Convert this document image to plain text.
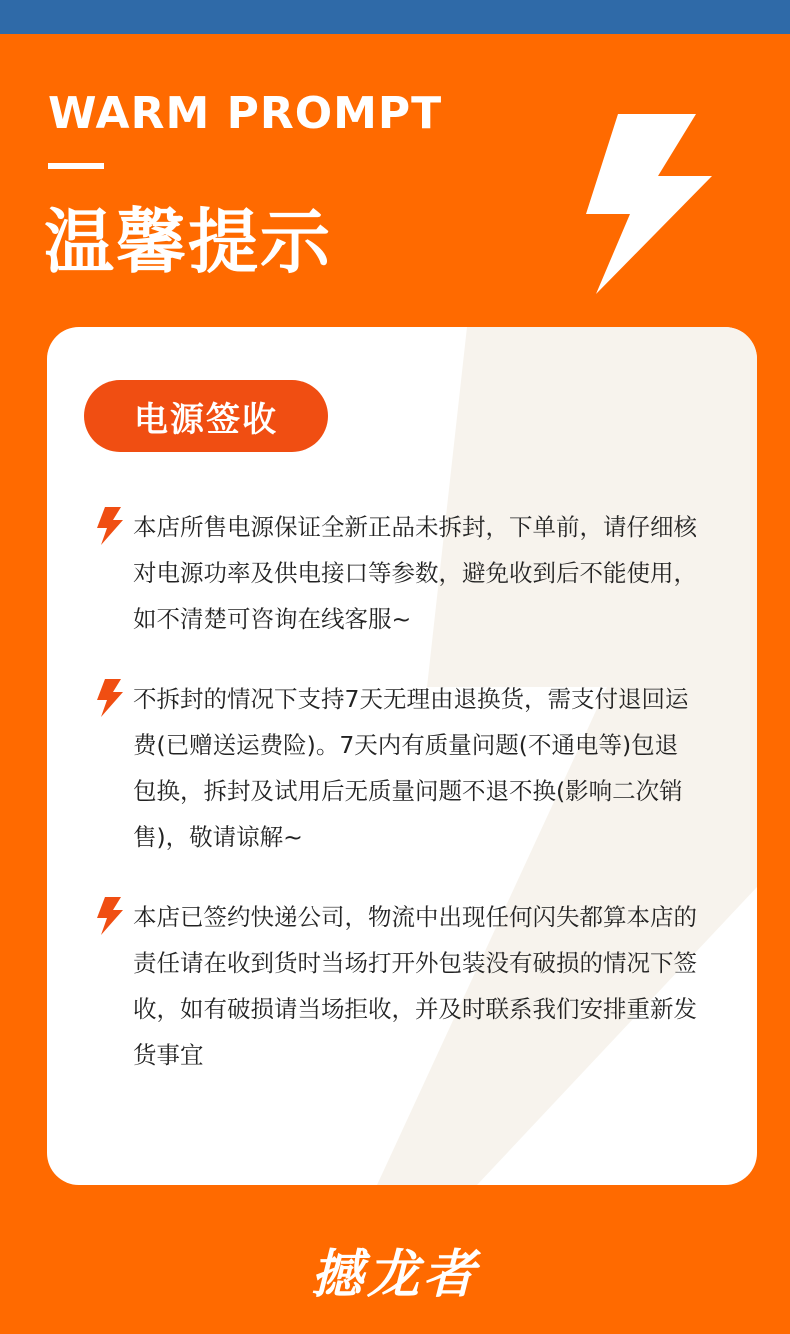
WARM PROMPT
温馨提示
电源签收

本店所售电源保证全新正品未拆封，下单前，请仔细核对电源功率及供电接口等参数，避免收到后不能使用，如不清楚可咨询在线客服~

不拆封的情况下支持7天无理由退换货，需支付退回运费(已赠送运费险)。7天内有质量问题(不通电等)包退包换，拆封及试用后无质量问题不退不换(影响二次销售)，敬请谅解~

本店已签约快递公司，物流中出现任何闪失都算本店的责任请在收到货时当场打开外包装没有破损的情况下签收，如有破损请当场拒收，并及时联系我们安排重新发货事宜

撼龙者
